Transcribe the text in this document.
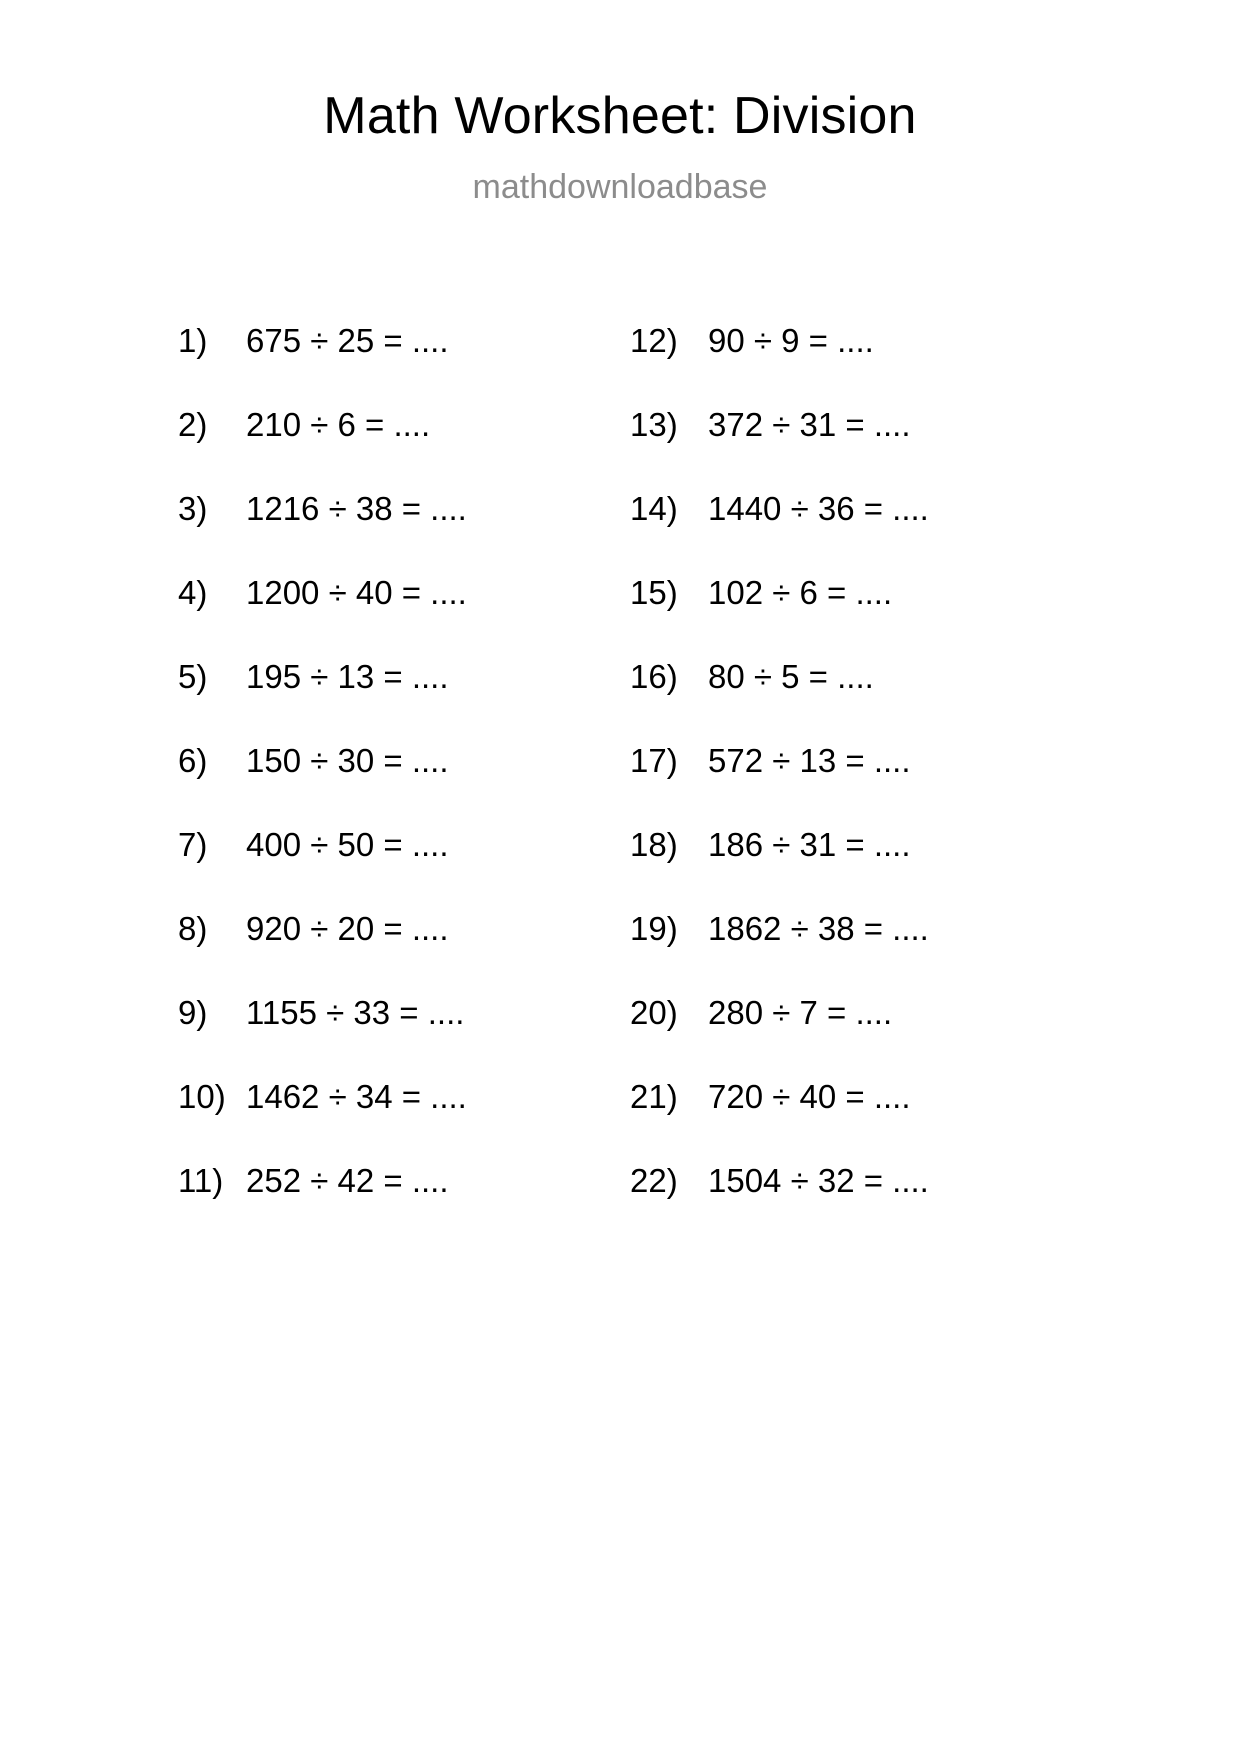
Math Worksheet: Division
mathdownloadbase
1)	675 ÷ 25 = ....
2)	210 ÷ 6 = ....
3)	1216 ÷ 38 = ....
4)	1200 ÷ 40 = ....
5)	195 ÷ 13 = ....
6)	150 ÷ 30 = ....
7)	400 ÷ 50 = ....
8)	920 ÷ 20 = ....
9)	1155 ÷ 33 = ....
10) 1462 ÷ 34 = ....
11) 252 ÷ 42 = ....
12) 90 ÷ 9 = ....
13) 372 ÷ 31 = ....
14) 1440 ÷ 36 = ....
15) 102 ÷ 6 = ....
16) 80 ÷ 5 = ....
17) 572 ÷ 13 = ....
18) 186 ÷ 31 = ....
19) 1862 ÷ 38 = ....
20) 280 ÷ 7 = ....
21) 720 ÷ 40 = ....
22) 1504 ÷ 32 = ....
